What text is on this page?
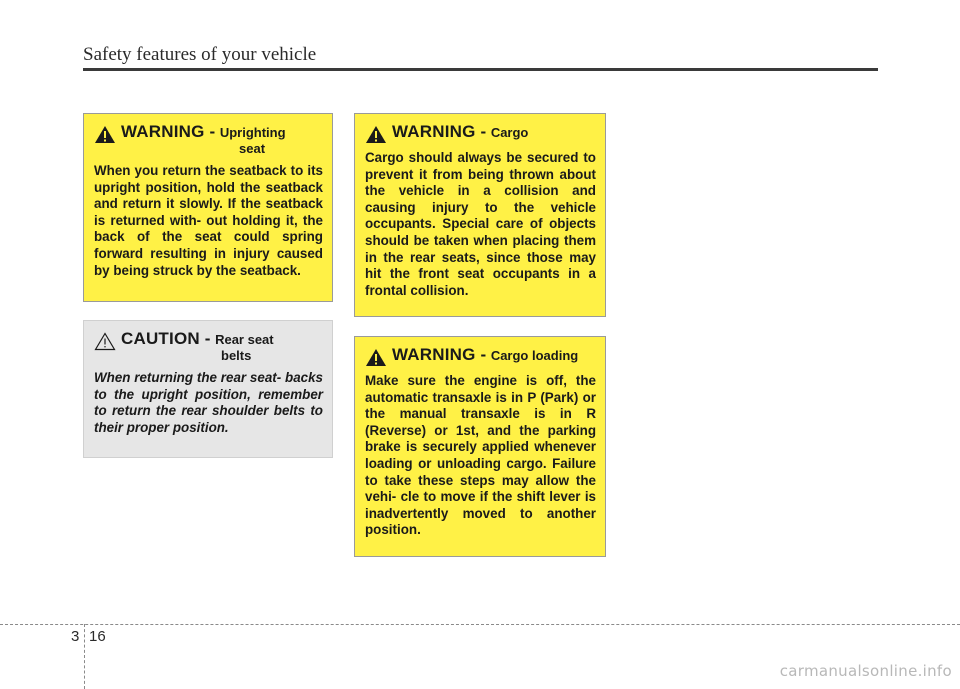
Safety features of your vehicle
WARNING - Uprighting
seat
When you return the seatback to its upright position, hold the seatback and return it slowly. If the seatback is returned with- out holding it, the back of the seat could spring forward resulting in injury caused by being struck by the seatback.
CAUTION - Rear seat
belts
When returning the rear seat- backs to the upright position, remember to return the rear shoulder belts to their proper position.
WARNING - Cargo
Cargo should always be secured to prevent it from being thrown about the vehicle in a collision and causing injury to the vehicle occupants. Special care of objects should be taken when placing them in the rear seats, since those may hit the front seat occupants in a frontal collision.
WARNING - Cargo loading
Make sure the engine is off, the automatic transaxle is in P (Park) or the manual transaxle is in R (Reverse) or 1st, and the parking brake is securely applied whenever loading or unloading cargo. Failure to take these steps may allow the vehi- cle to move if the shift lever is inadvertently moved to another position.
3 16
carmanualsonline.info
